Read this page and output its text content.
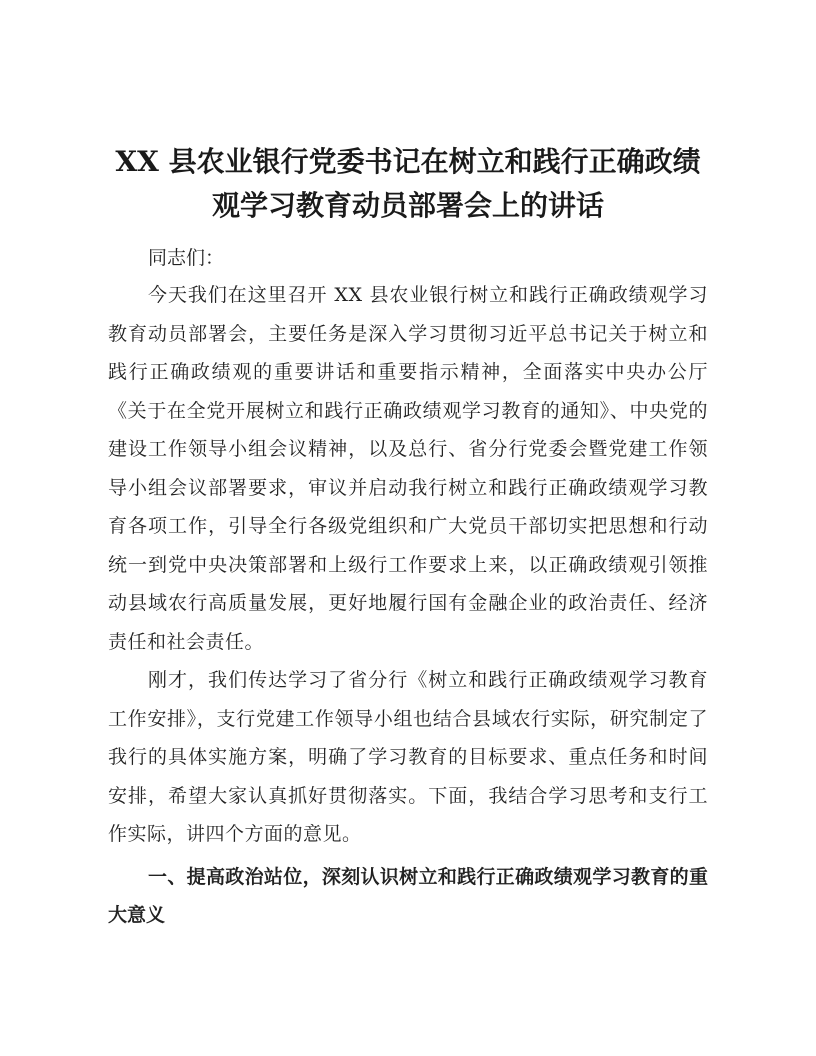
XX 县农业银行党委书记在树立和践行正确政绩
观学习教育动员部署会上的讲话

同志们：

今天我们在这里召开 XX 县农业银行树立和践行正确政绩观学习教育动员部署会，主要任务是深入学习贯彻习近平总书记关于树立和践行正确政绩观的重要讲话和重要指示精神，全面落实中央办公厅《关于在全党开展树立和践行正确政绩观学习教育的通知》、中央党的建设工作领导小组会议精神，以及总行、省分行党委会暨党建工作领导小组会议部署要求，审议并启动我行树立和践行正确政绩观学习教育各项工作，引导全行各级党组织和广大党员干部切实把思想和行动统一到党中央决策部署和上级行工作要求上来，以正确政绩观引领推动县域农行高质量发展，更好地履行国有金融企业的政治责任、经济责任和社会责任。

刚才，我们传达学习了省分行《树立和践行正确政绩观学习教育工作安排》，支行党建工作领导小组也结合县域农行实际，研究制定了我行的具体实施方案，明确了学习教育的目标要求、重点任务和时间安排，希望大家认真抓好贯彻落实。下面，我结合学习思考和支行工作实际，讲四个方面的意见。

一、提高政治站位，深刻认识树立和践行正确政绩观学习教育的重大意义
